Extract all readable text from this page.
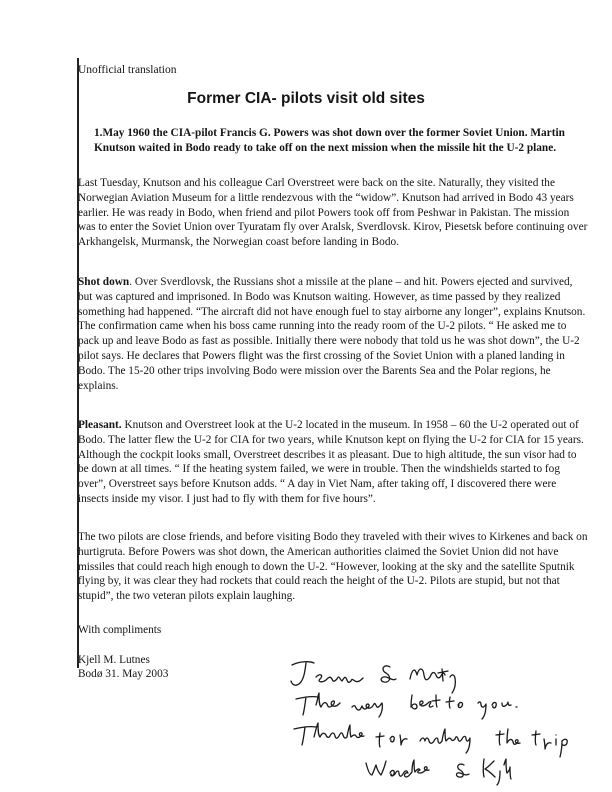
Unofficial translation
Former CIA- pilots visit old sites
1.May 1960 the CIA-pilot Francis G. Powers was shot down over the former Soviet Union. Martin Knutson waited in Bodo ready to take off on the next mission when the missile hit the U-2 plane.

Last Tuesday, Knutson and his colleague Carl Overstreet were back on the site. Naturally, they visited the Norwegian Aviation Museum for a little rendezvous with the “widow”. Knutson had arrived in Bodo 43 years earlier. He was ready in Bodo, when friend and pilot Powers took off from Peshwar in Pakistan. The mission was to enter the Soviet Union over Tyuratam fly over Aralsk, Sverdlovsk. Kirov, Piesetsk before continuing over Arkhangelsk, Murmansk, the Norwegian coast before landing in Bodo.

Shot down. Over Sverdlovsk, the Russians shot a missile at the plane – and hit. Powers ejected and survived, but was captured and imprisoned. In Bodo was Knutson waiting. However, as time passed by they realized something had happened. “The aircraft did not have enough fuel to stay airborne any longer”, explains Knutson. The confirmation came when his boss came running into the ready room of the U-2 pilots. “ He asked me to pack up and leave Bodo as fast as possible. Initially there were nobody that told us he was shot down”, the U-2 pilot says. He declares that Powers flight was the first crossing of the Soviet Union with a planed landing in Bodo. The 15-20 other trips involving Bodo were mission over the Barents Sea and the Polar regions, he explains.

Pleasant. Knutson and Overstreet look at the U-2 located in the museum. In 1958 – 60 the U-2 operated out of Bodo. The latter flew the U-2 for CIA for two years, while Knutson kept on flying the U-2 for CIA for 15 years. Although the cockpit looks small, Overstreet describes it as pleasant. Due to high altitude, the sun visor had to be down at all times. “ If the heating system failed, we were in trouble. Then the windshields started to fog over”, Overstreet says before Knutson adds. “ A day in Viet Nam, after taking off, I discovered there were insects inside my visor. I just had to fly with them for five hours”.

The two pilots are close friends, and before visiting Bodo they traveled with their wives to Kirkenes and back on hurtigruta. Before Powers was shot down, the American authorities claimed the Soviet Union did not have missiles that could reach high enough to down the U-2. “However, looking at the sky and the satellite Sputnik flying by, it was clear they had rockets that could reach the height of the U-2. Pilots are stupid, but not that stupid”, the two veteran pilots explain laughing.

With compliments
Kjell M. Lutnes
Bodø 31. May 2003
